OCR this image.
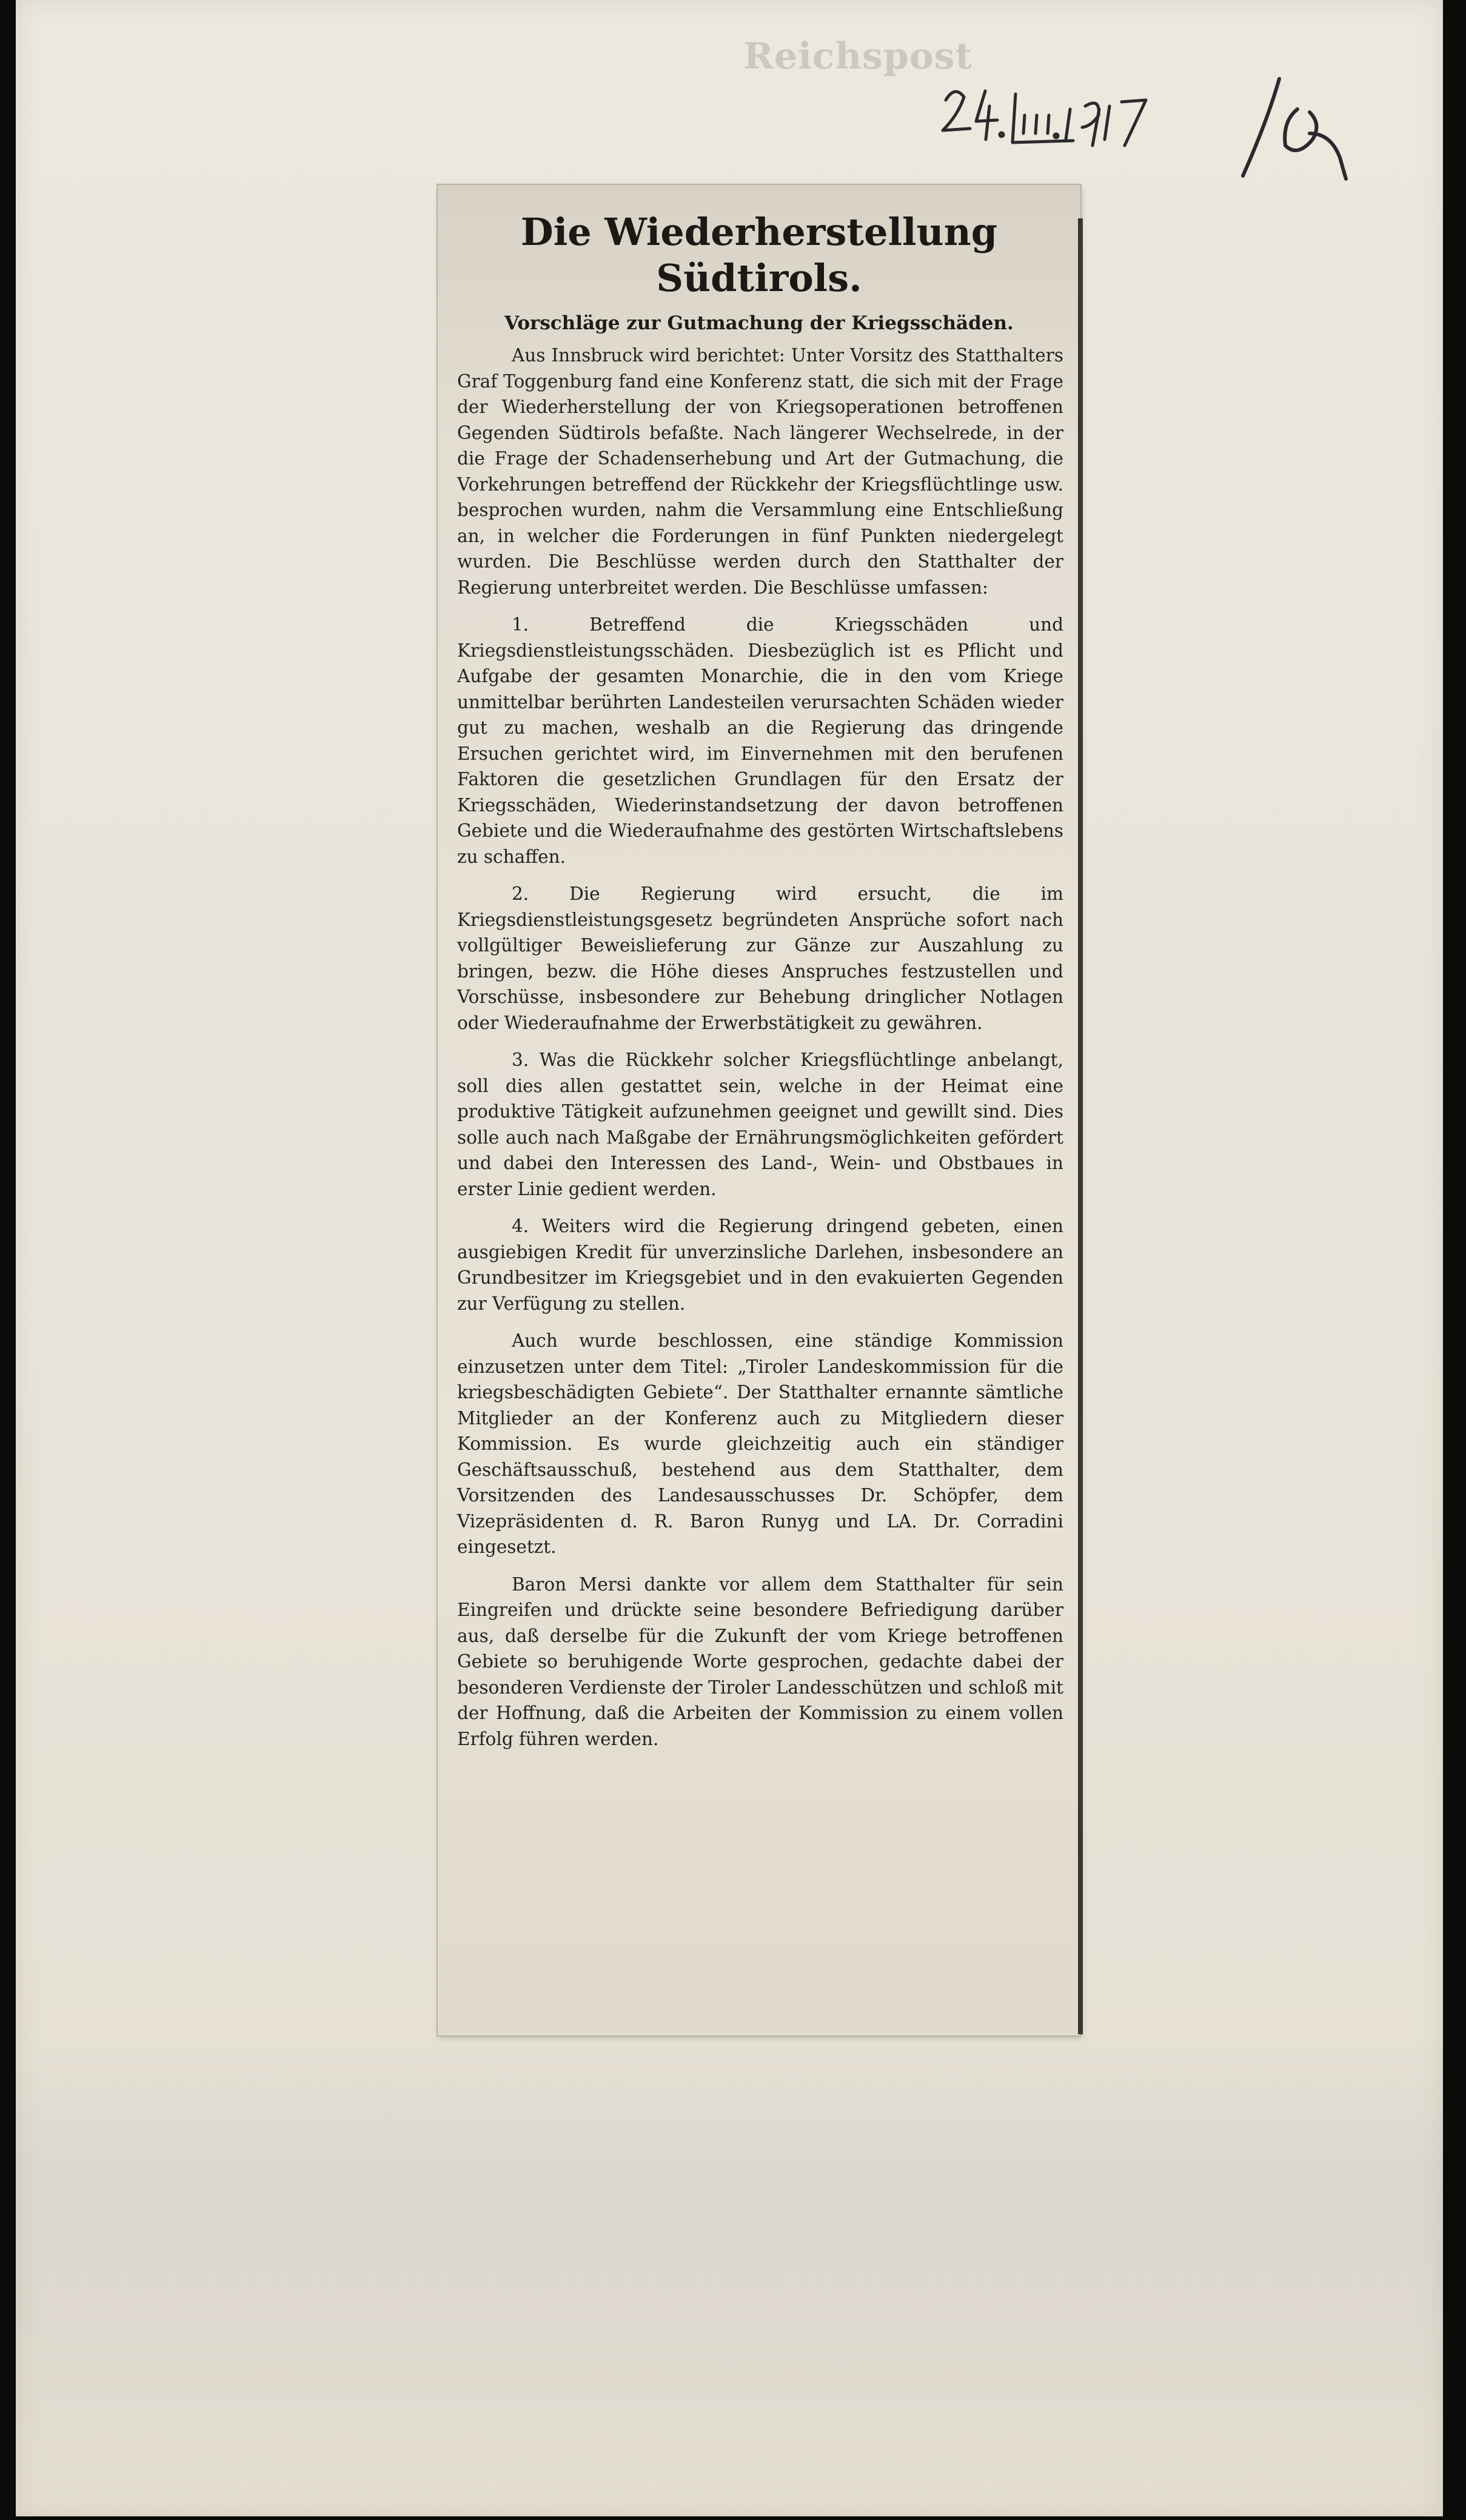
Reichspost
Die Wiederherstellung
Südtirols.
Vorschläge zur Gutmachung der Kriegsschäden.

Aus Innsbruck wird berichtet: Unter Vorsitz des Statthalters Graf Toggenburg fand eine Konferenz statt, die sich mit der Frage der Wiederherstellung der von Kriegsoperationen betroffenen Gegenden Südtirols befaßte. Nach längerer Wechselrede, in der die Frage der Schadenserhebung und Art der Gutmachung, die Vorkehrungen betreffend der Rückkehr der Kriegsflüchtlinge usw. besprochen wurden, nahm die Versammlung eine Entschließung an, in welcher die Forderungen in fünf Punkten niedergelegt wurden. Die Beschlüsse werden durch den Statthalter der Regierung unterbreitet werden. Die Beschlüsse umfassen:

1. Betreffend die Kriegsschäden und Kriegsdienstleistungsschäden. Diesbezüglich ist es Pflicht und Aufgabe der gesamten Monarchie, die in den vom Kriege unmittelbar berührten Landesteilen verursachten Schäden wieder gut zu machen, weshalb an die Regierung das dringende Ersuchen gerichtet wird, im Einvernehmen mit den berufenen Faktoren die gesetzlichen Grundlagen für den Ersatz der Kriegsschäden, Wiederinstandsetzung der davon betroffenen Gebiete und die Wiederaufnahme des gestörten Wirtschaftslebens zu schaffen.

2. Die Regierung wird ersucht, die im Kriegsdienstleistungsgesetz begründeten Ansprüche sofort nach vollgültiger Beweislieferung zur Gänze zur Auszahlung zu bringen, bezw. die Höhe dieses Anspruches festzustellen und Vorschüsse, insbesondere zur Behebung dringlicher Notlagen oder Wiederaufnahme der Erwerbstätigkeit zu gewähren.

3. Was die Rückkehr solcher Kriegsflüchtlinge anbelangt, soll dies allen gestattet sein, welche in der Heimat eine produktive Tätigkeit aufzunehmen geeignet und gewillt sind. Dies solle auch nach Maßgabe der Ernährungsmöglichkeiten gefördert und dabei den Interessen des Land-, Wein- und Obstbaues in erster Linie gedient werden.

4. Weiters wird die Regierung dringend gebeten, einen ausgiebigen Kredit für unverzinsliche Darlehen, insbesondere an Grundbesitzer im Kriegsgebiet und in den evakuierten Gegenden zur Verfügung zu stellen.

Auch wurde beschlossen, eine ständige Kommission einzusetzen unter dem Titel: „Tiroler Landeskommission für die kriegsbeschädigten Gebiete“. Der Statthalter ernannte sämtliche Mitglieder an der Konferenz auch zu Mitgliedern dieser Kommission. Es wurde gleichzeitig auch ein ständiger Geschäftsausschuß, bestehend aus dem Statthalter, dem Vorsitzenden des Landesausschusses Dr. Schöpfer, dem Vizepräsidenten d. R. Baron Runyg und LA. Dr. Corradini eingesetzt.

Baron Mersi dankte vor allem dem Statthalter für sein Eingreifen und drückte seine besondere Befriedigung darüber aus, daß derselbe für die Zukunft der vom Kriege betroffenen Gebiete so beruhigende Worte gesprochen, gedachte dabei der besonderen Verdienste der Tiroler Landesschützen und schloß mit der Hoffnung, daß die Arbeiten der Kommission zu einem vollen Erfolg führen werden.
